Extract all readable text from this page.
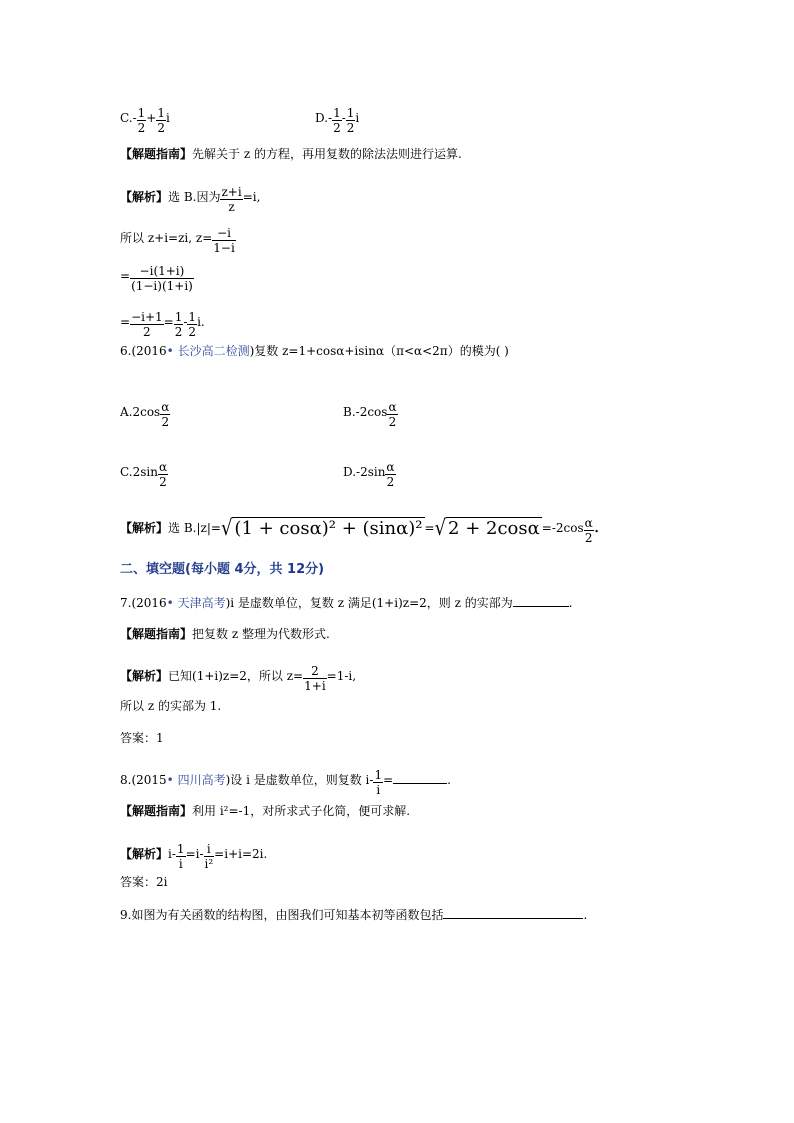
$C.- \frac{1}{2} + \frac{1}{2}$ i	$D.- \frac{1}{2} - \frac{1}{2}$ i
【解题指南】先解关于 z 的方程，再用复数的除法法则进行运算.
【解析】选 B.因为 $\frac{z+i}{z} =i$,
所以 z+i=zi, $z= \frac{-i}{1-i}$
= $\frac{-i(1+i)}{(1-i)(1+i)}$
= $\frac{-i+1}{2} = \frac{1}{2} - \frac{1}{2} i$.
6.(2016• 长沙高二检测)复数 z=1+cosα+isinα（π<α<2π）的模为( )
$A.2\cos \frac{\alpha}{2}$	$B.-2\cos \frac{\alpha}{2}$
$C.2\sin \frac{\alpha}{2}$	$D.-2\sin \frac{\alpha}{2}$
【解析】选 B.|z|=√ (1 + cosα)² + (sinα)² =√ $2 + 2\cos\alpha =-2\cos \frac{\alpha}{2}$ .
二、填空题(每小题 4分，共 12分)
7.(2016• 天津高考)i 是虚数单位，复数 z 满足(1+i)z=2，则 z 的实部为	.
【解题指南】把复数 z 整理为代数形式.
【解析】已知(1+i)z=2，所以 $z= \frac{2}{1+i} =1-i$,
所以 z 的实部为 1.
答案：1
8.(2015• 四川高考)设 i 是虚数单位，则复数 $i- \frac{1}{i}$ =	.
【解题指南】利用 i²=-1，对所求式子化简，便可求解.
【解析】$i- \frac{1}{i} =i- \frac{i}{\text{i²}} =i+i=2i$.
答案：2i
9.如图为有关函数的结构图，由图我们可知基本初等函数包括	.
